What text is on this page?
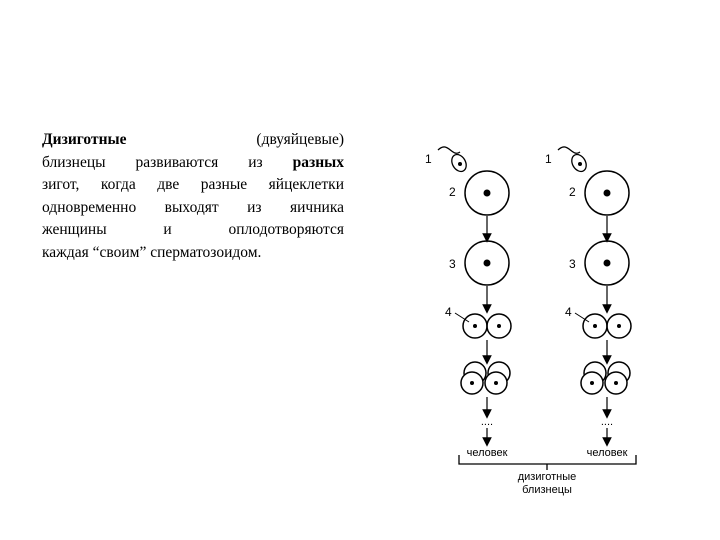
Дизиготные	(двуяйцевые)
близнецы развиваются из разных
зигот, когда две разные яйцеклетки
одновременно выходят из яичника
женщины и оплодотворяются
каждая “своим” сперматозоидом.
1
2
3
4
....
человек
1
2
3
4
....
человек
дизиготные
близнецы
